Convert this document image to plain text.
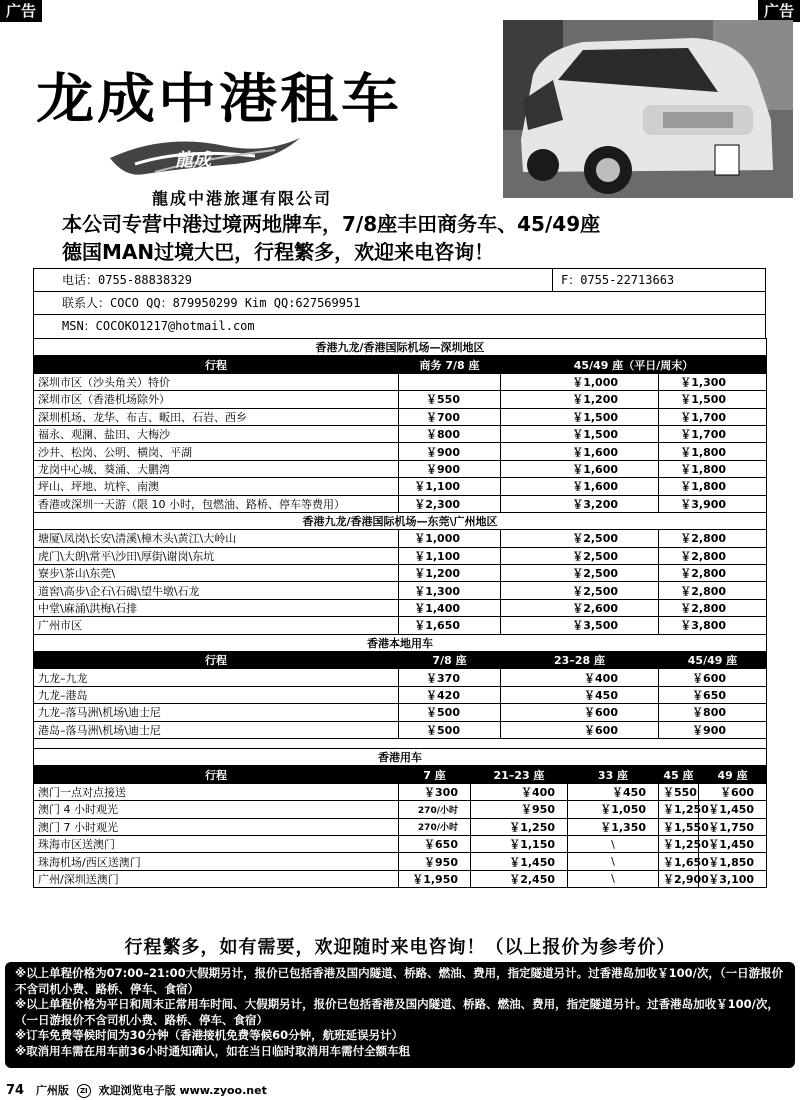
广告	广告
龙成中港租车
龍成
龍成中港旅運有限公司
本公司专营中港过境两地牌车，7/8座丰田商务车、45/49座
德国MAN过境大巴，行程繁多，欢迎来电咨询！
电话：0755-88838329	F：0755-22713663
联系人：COCO QQ：879950299 Kim QQ:627569951
MSN：COCOKO1217@hotmail.com
香港九龙/香港国际机场—深圳地区						
行程	商务 7/8 座		45/49 座（平日/周末）			
深圳市区（沙头角关）特价			￥1,000		￥1,300	
深圳市区（香港机场除外）	￥550		￥1,200		￥1,500	
深圳机场、龙华、布吉、畈田、石岩、西乡	￥700		￥1,500		￥1,700	
福永、观澜、盐田、大梅沙	￥800		￥1,500		￥1,700	
沙井、松岗、公明、横岗、平湖	￥900		￥1,600		￥1,800	
龙岗中心城、葵涌、大鹏湾	￥900		￥1,600		￥1,800	
坪山、坪地、坑梓、南澳	￥1,100		￥1,600		￥1,800	
香港或深圳一天游（限 10 小时，包燃油、路桥、停车等费用）	￥2,300		￥3,200		￥3,900	
香港九龙/香港国际机场—东莞\广州地区						
塘厦\凤岗\长安\清溪\樟木头\黄江\大岭山	￥1,000		￥2,500		￥2,800	
虎门\大朗\常平\沙田\厚街\谢岗\东坑	￥1,100		￥2,500		￥2,800	
寮步\茶山\东莞\	￥1,200		￥2,500		￥2,800	
道窖\高步\企石\石碣\望牛墩\石龙	￥1,300		￥2,500		￥2,800	
中堂\麻涌\洪梅\石排	￥1,400		￥2,600		￥2,800	
广州市区	￥1,650		￥3,500		￥3,800	
香港本地用车						
行程	7/8 座		23–28 座		45/49 座	
九龙–九龙	￥370		￥400		￥600	
九龙–港岛	￥420		￥450		￥650	
九龙–落马洲\机场\迪士尼	￥500		￥600		￥800	
港岛–落马洲\机场\迪士尼	￥500		￥600		￥900	

香港用车						
行程	7 座	21–23 座		33 座	45 座	49 座
澳门一点对点接送	￥300	￥400		￥450	￥550	￥600
澳门 4 小时观光	270/小时	￥950		￥1,050	￥1,250	￥1,450
澳门 7 小时观光	270/小时	￥1,250		￥1,350	￥1,550	￥1,750
珠海市区送澳门	￥650	￥1,150		\	￥1,250	￥1,450
珠海机场/西区送澳门	￥950	￥1,450		\	￥1,650	￥1,850
广州/深圳送澳门	￥1,950	￥2,450		\	￥2,900	￥3,100
行程繁多，如有需要，欢迎随时来电咨询！（以上报价为参考价）
※以上单程价格为07:00–21:00大假期另计，报价已包括香港及国内隧道、桥路、燃油、费用，指定隧道另计。过香港岛加收￥100/次，（一日游报价不含司机小费、路桥、停车、食宿）
※以上单程价格为平日和周末正常用车时间、大假期另计，报价已包括香港及国内隧道、桥路、燃油、费用，指定隧道另计。过香港岛加收￥100/次，（一日游报价不含司机小费、路桥、停车、食宿）
※订车免费等候时间为30分钟（香港接机免费等候60分钟，航班延误另计）
※取消用车需在用车前36小时通知确认，如在当日临时取消用车需付全额车租
74 广州版 ZI 欢迎浏览电子版 www.zyoo.net
